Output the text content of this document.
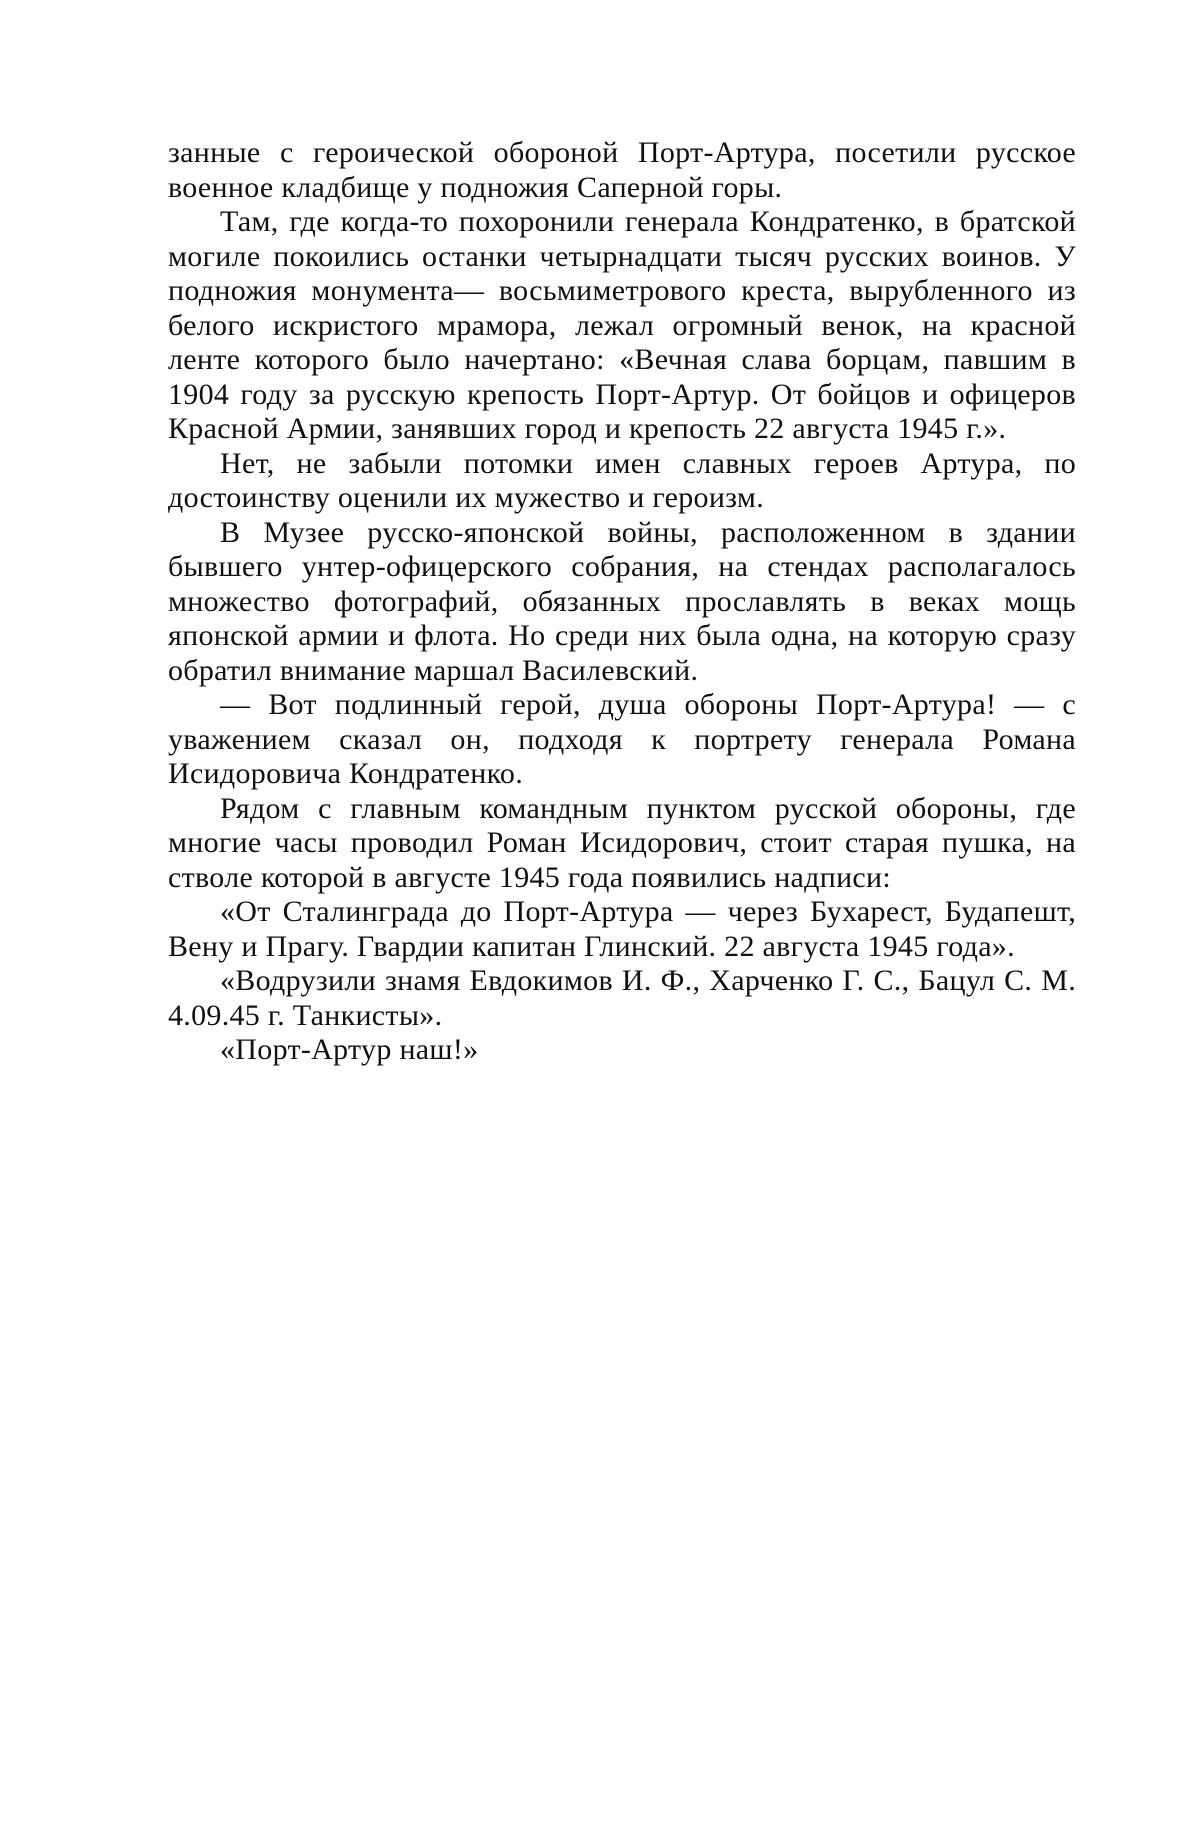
занные с героической обороной Порт-Артура, посетили русское военное кладбище у подножия Саперной горы.

Там, где когда-то похоронили генерала Кондратенко, в братской могиле покоились останки четырнадцати тысяч русских воинов. У подножия монумента— восьмиметрового креста, вырубленного из белого искристого мрамора, лежал огромный венок, на красной ленте которого было начертано: «Вечная слава борцам, павшим в 1904 году за русскую крепость Порт-Артур. От бойцов и офицеров Красной Армии, занявших город и крепость 22 августа 1945 г.».

Нет, не забыли потомки имен славных героев Артура, по достоинству оценили их мужество и героизм.

В Музее русско-японской войны, расположенном в здании бывшего унтер-офицерского собрания, на стендах располагалось множество фотографий, обязанных прославлять в веках мощь японской армии и флота. Но среди них была одна, на которую сразу обратил внимание маршал Василевский.

— Вот подлинный герой, душа обороны Порт-Артура! — с уважением сказал он, подходя к портрету генерала Романа Исидоровича Кондратенко.

Рядом с главным командным пунктом русской обороны, где многие часы проводил Роман Исидорович, стоит старая пушка, на стволе которой в августе 1945 года появились надписи:

«От Сталинграда до Порт-Артура — через Бухарест, Будапешт, Вену и Прагу. Гвардии капитан Глинский. 22 августа 1945 года».

«Водрузили знамя Евдокимов И. Ф., Харченко Г. С., Бацул С. М. 4.09.45 г. Танкисты».

«Порт-Артур наш!»
